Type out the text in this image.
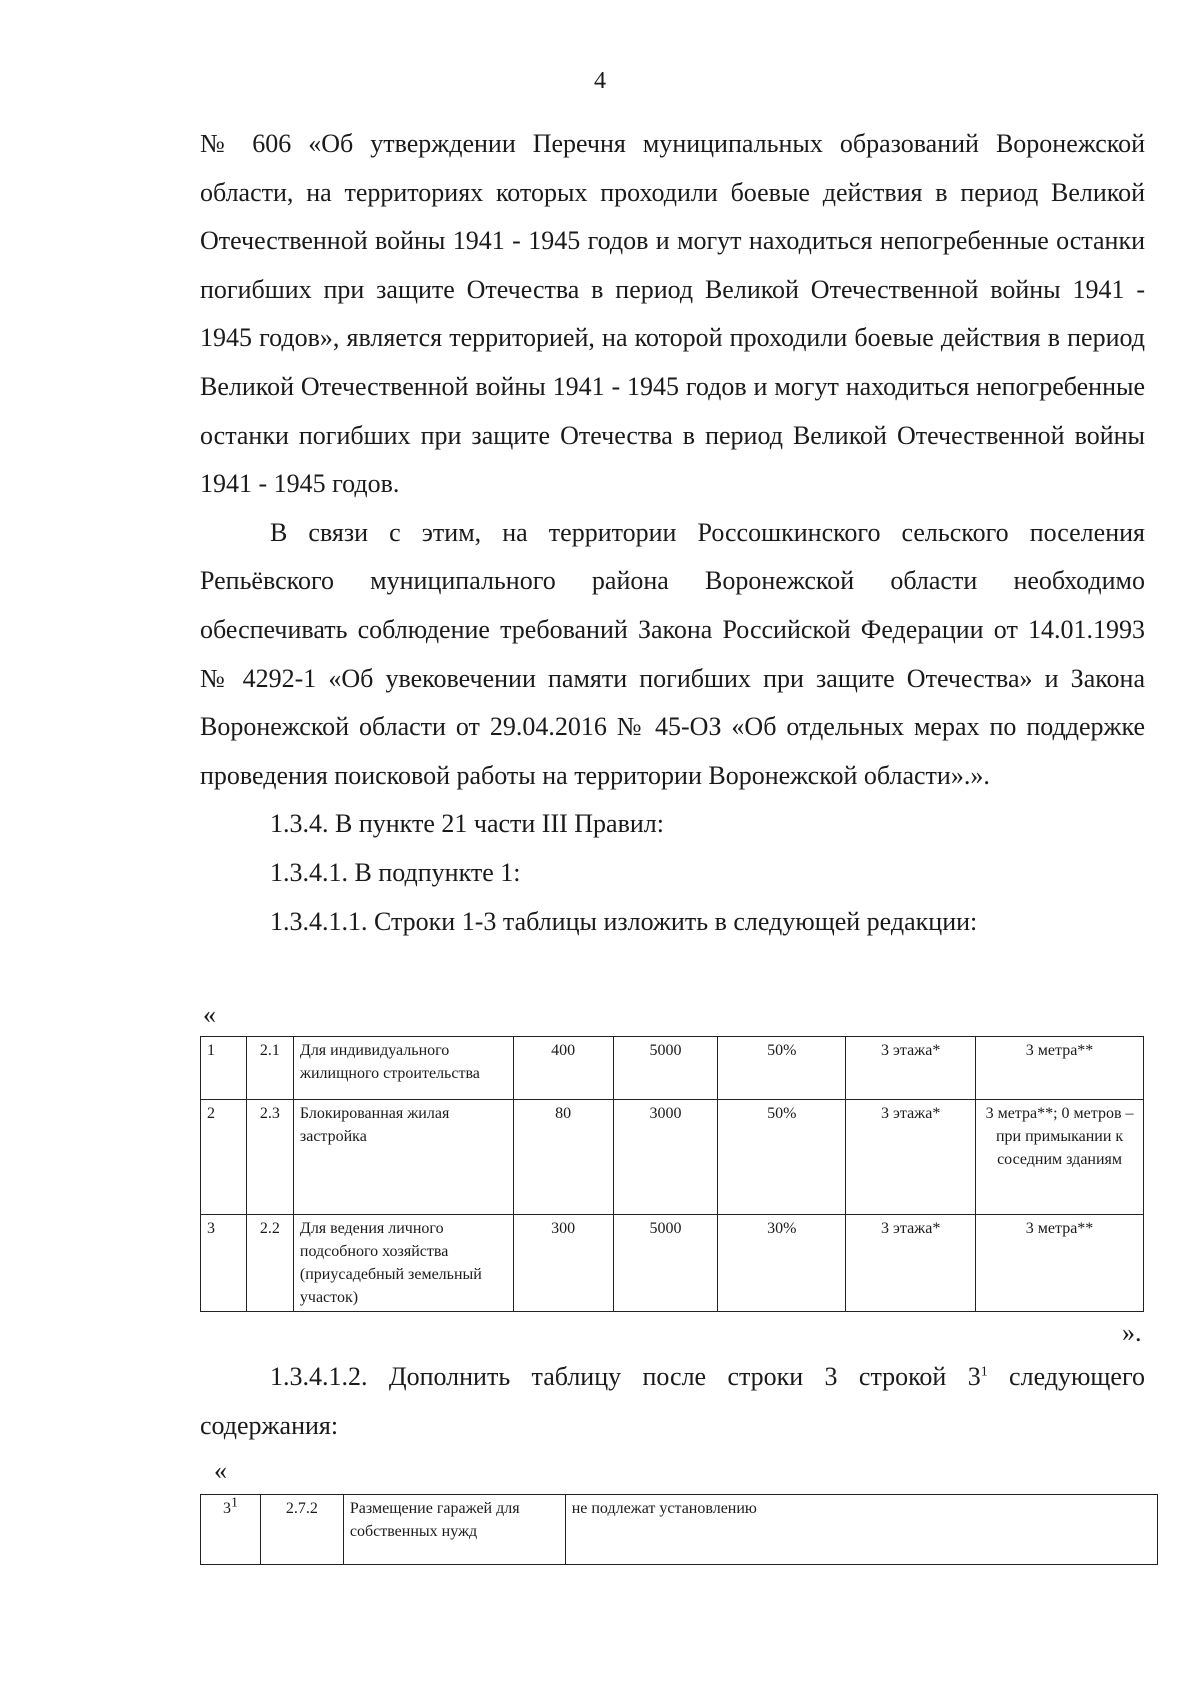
4

№ 606 «Об утверждении Перечня муниципальных образований Воронежской области, на территориях которых проходили боевые действия в период Великой Отечественной войны 1941 - 1945 годов и могут находиться непогребенные останки погибших при защите Отечества в период Великой Отечественной войны 1941 - 1945 годов», является территорией, на которой проходили боевые действия в период Великой Отечественной войны 1941 - 1945 годов и могут находиться непогребенные останки погибших при защите Отечества в период Великой Отечественной войны 1941 - 1945 годов.

В связи с этим, на территории Россошкинского сельского поселения Репьёвского муниципального района Воронежской области необходимо обеспечивать соблюдение требований Закона Российской Федерации от 14.01.1993 № 4292-1 «Об увековечении памяти погибших при защите Отечества» и Закона Воронежской области от 29.04.2016 № 45-ОЗ «Об отдельных мерах по поддержке проведения поисковой работы на территории Воронежской области».».

1.3.4. В пункте 21 части III Правил:

1.3.4.1. В подпункте 1:

1.3.4.1.1. Строки 1-3 таблицы изложить в следующей редакции:

«
1	2.1	Для индивидуального жилищного строительства	400	5000	50%	3 этажа*	3 метра**
2	2.3	Блокированная жилая застройка	80	3000	50%	3 этажа*	3 метра**; 0 метров – при примыкании к соседним зданиям
3	2.2	Для ведения личного подсобного хозяйства (приусадебный земельный участок)	300	5000	30%	3 этажа*	3 метра**
».
1.3.4.1.2. Дополнить таблицу после строки 3 строкой $3^1$ следующего
содержания:
«
$3^1$	2.7.2	Размещение гаражей для собственных нужд	не подлежат установлению
